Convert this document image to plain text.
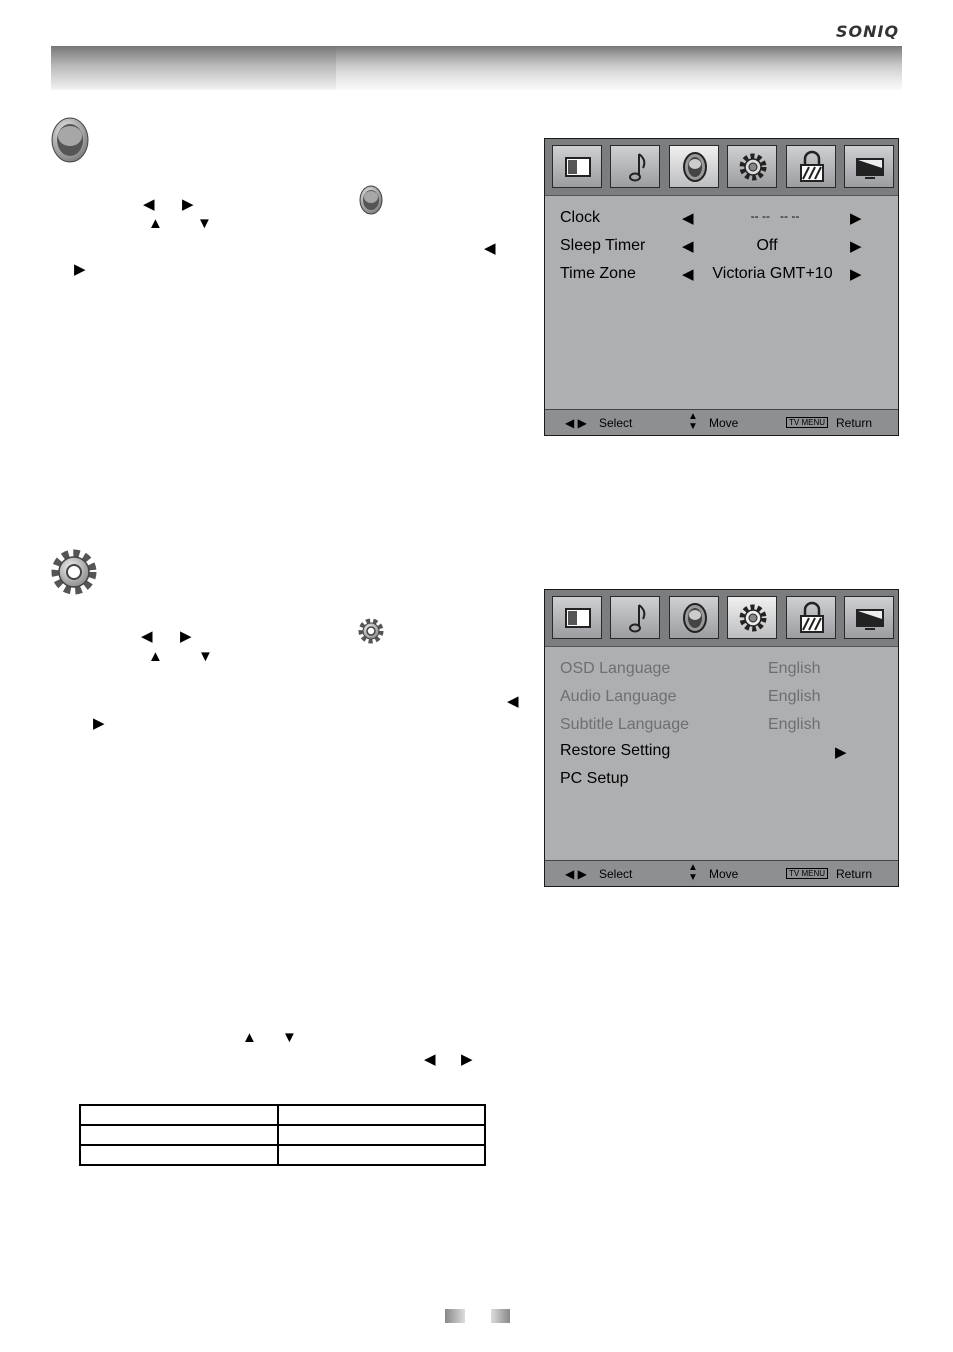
SONIQ
◀ ▶
▲ ▼
◀
▶
Clock	◀	-- --   -- --	▶
Sleep Timer ◀	Off	▶
Time Zone	◀	Victoria GMT+10	▶
◀ ▶ Select	▲
▼ Move	TV MENU Return
◀ ▶
▲ ▼
◀
▶
OSD Language	English
Audio Language	English
Subtitle Language	English
Restore Setting	▶
PC Setup
◀ ▶ Select	▲
▼ Move	TV MENU Return
▲ ▼
◀ ▶
